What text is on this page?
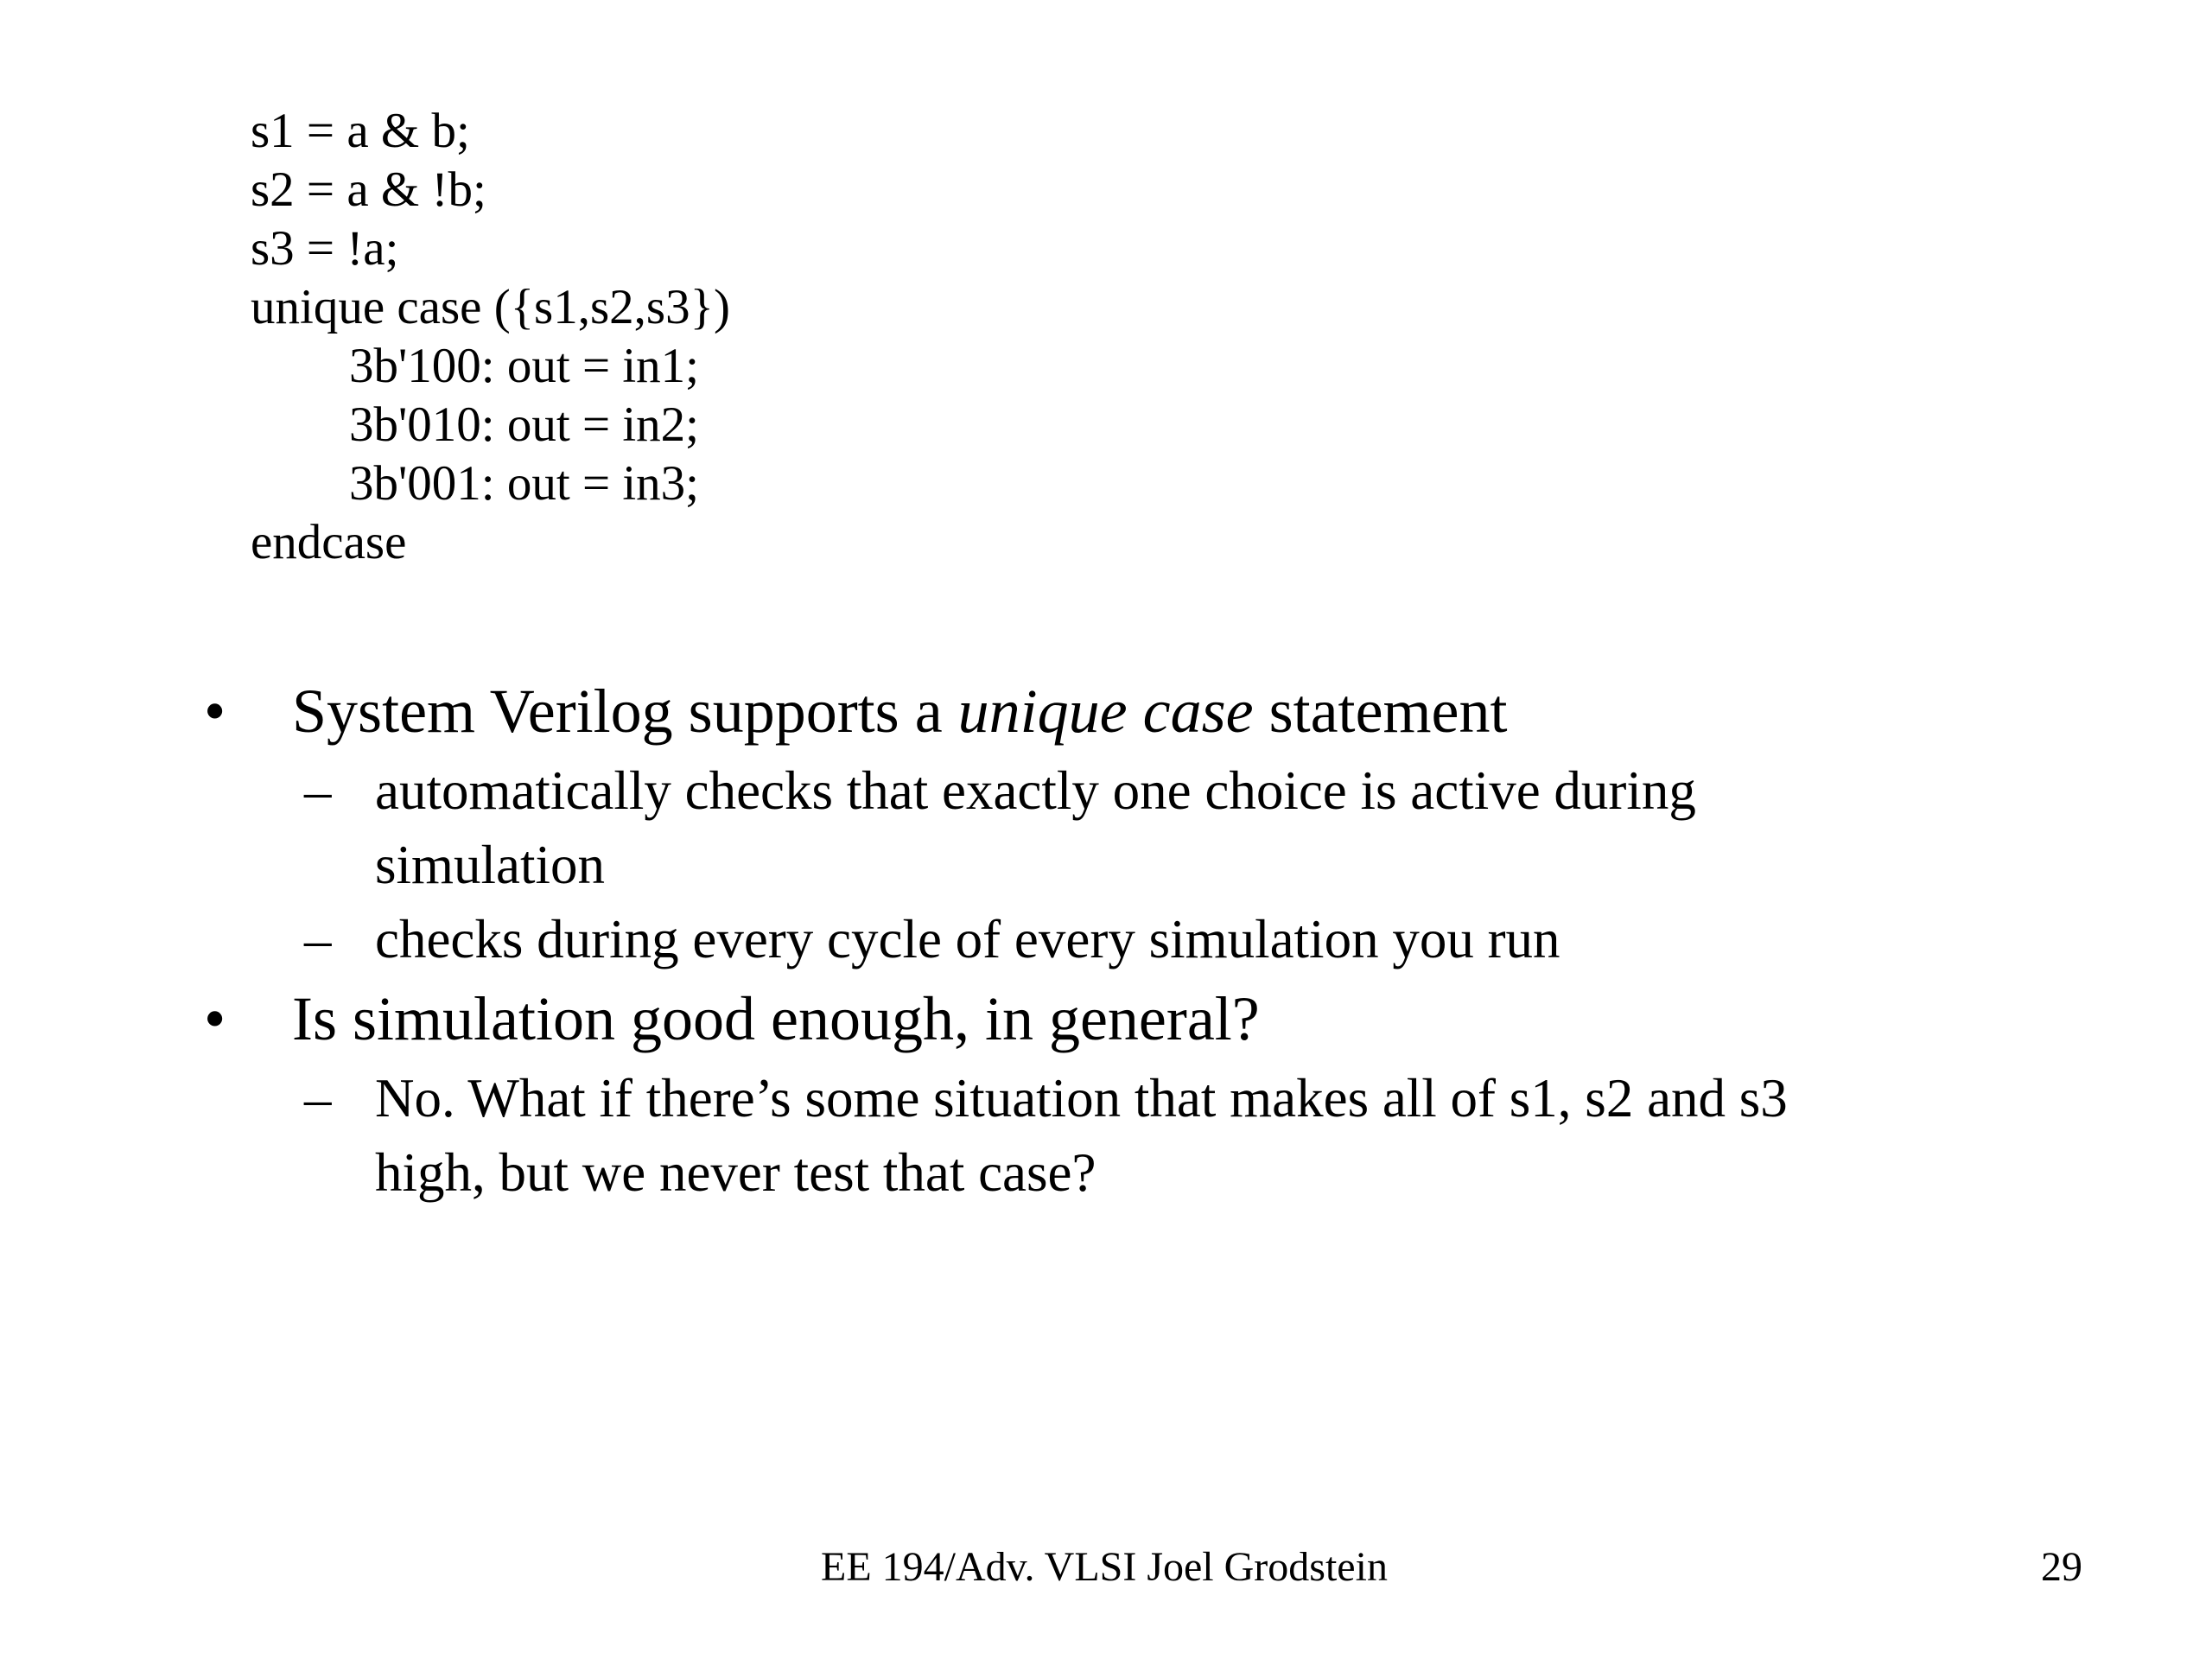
s1 = a & b;
s2 = a & !b;
s3 = !a;
unique case ({s1,s2,s3})
3b'100: out = in1;
3b'010: out = in2;
3b'001: out = in3;
endcase
• System Verilog supports a unique case statement
– automatically checks that exactly one choice is active during
simulation
– checks during every cycle of every simulation you run
• Is simulation good enough, in general?
– No. What if there’s some situation that makes all of s1, s2 and s3
high, but we never test that case?
EE 194/Adv. VLSI Joel Grodstein	29
